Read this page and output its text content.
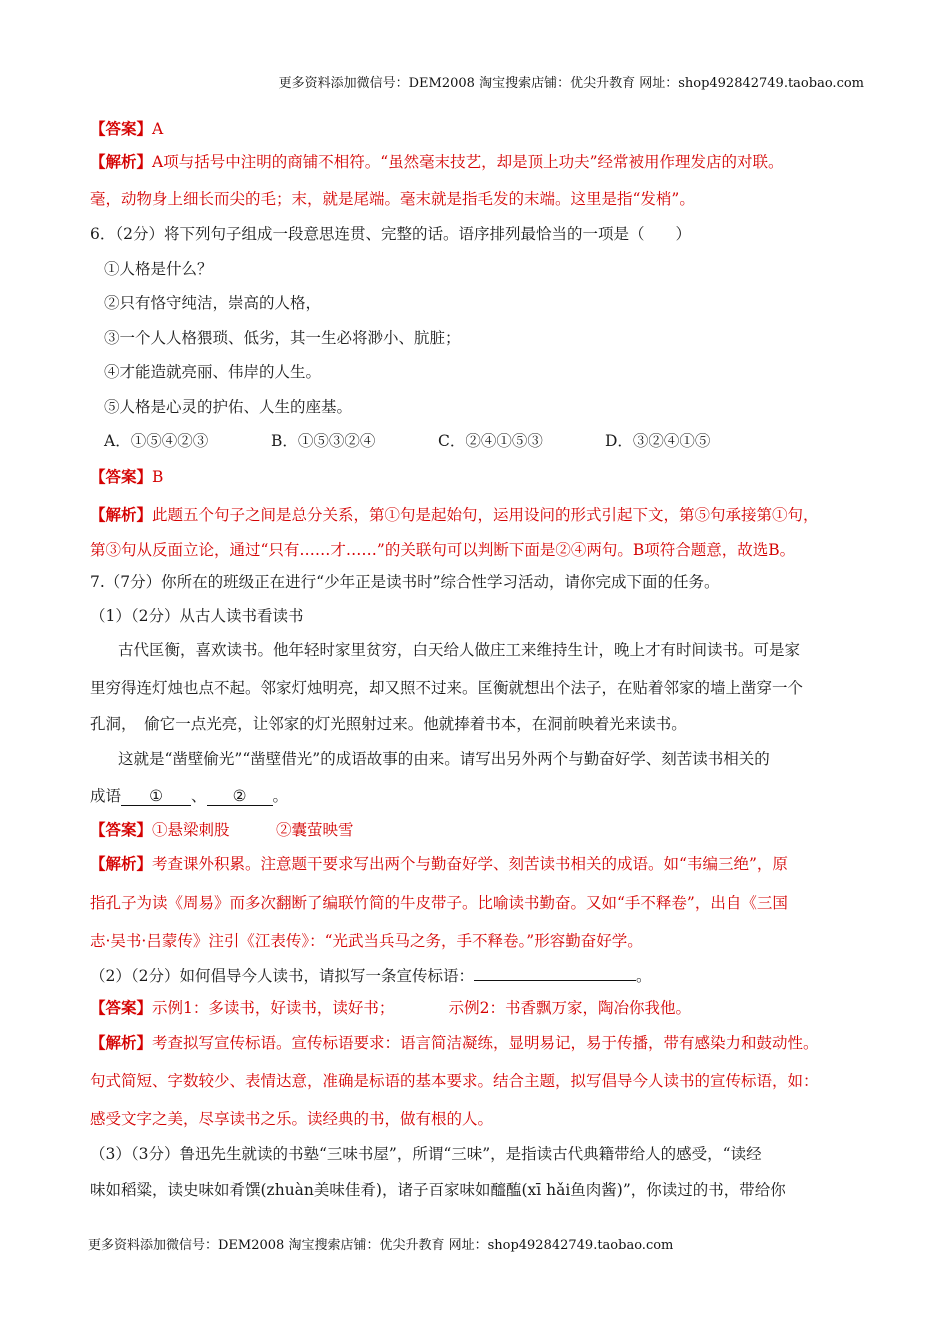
更多资料添加微信号：DEM2008 淘宝搜索店铺：优尖升教育 网址：shop492842749.taobao.com
【答案】A
【解析】A项与括号中注明的商铺不相符。“虽然毫末技艺，却是顶上功夫”经常被用作理发店的对联。
毫，动物身上细长而尖的毛；末，就是尾端。毫末就是指毛发的末端。这里是指“发梢”。
6．（2分）将下列句子组成一段意思连贯、完整的话。语序排列最恰当的一项是（　　）
①人格是什么？
②只有恪守纯洁，崇高的人格，
③一个人人格猥琐、低劣，其一生必将渺小、肮脏；
④才能造就亮丽、伟岸的人生。
⑤人格是心灵的护佑、人生的座基。
A．①⑤④②③	B．①⑤③②④	C．②④①⑤③	D．③②④①⑤
【答案】B
【解析】此题五个句子之间是总分关系，第①句是起始句，运用设问的形式引起下文，第⑤句承接第①句，
第③句从反面立论，通过“只有……才……”的关联句可以判断下面是②④两句。B项符合题意，故选B。
7.（7分）你所在的班级正在进行“少年正是读书时”综合性学习活动，请你完成下面的任务。
（1）（2分）从古人读书看读书
古代匡衡，喜欢读书。他年轻时家里贫穷，白天给人做庄工来维持生计，晚上才有时间读书。可是家
里穷得连灯烛也点不起。邻家灯烛明亮，却又照不过来。匡衡就想出个法子，在贴着邻家的墙上凿穿一个
孔洞，　偷它一点光亮，让邻家的灯光照射过来。他就捧着书本，在洞前映着光来读书。
这就是“凿壁偷光”“凿壁借光”的成语故事的由来。请写出另外两个与勤奋好学、刻苦读书相关的
成语 ① 、 ② 。
【答案】①悬梁刺股　　　②囊萤映雪
【解析】考查课外积累。注意题干要求写出两个与勤奋好学、刻苦读书相关的成语。如“韦编三绝”，原
指孔子为读《周易》而多次翻断了编联竹简的牛皮带子。比喻读书勤奋。又如“手不释卷”，出自《三国
志·吴书·吕蒙传》注引《江表传》：“光武当兵马之务，手不释卷。”形容勤奋好学。
（2）（2分）如何倡导今人读书，请拟写一条宣传标语：	。
【答案】示例1：多读书，好读书，读好书；　　　　示例2：书香飘万家，陶冶你我他。
【解析】考查拟写宣传标语。宣传标语要求：语言简洁凝练，显明易记，易于传播，带有感染力和鼓动性。
句式简短、字数较少、表情达意，准确是标语的基本要求。结合主题，拟写倡导今人读书的宣传标语，如：
感受文字之美，尽享读书之乐。读经典的书，做有根的人。
（3）（3分）鲁迅先生就读的书塾“三味书屋”，所谓“三味”，是指读古代典籍带给人的感受，“读经
味如稻粱，读史味如肴馔(zhuàn美味佳肴)，诸子百家味如醯醢(xī hǎi鱼肉酱)”，你读过的书，带给你
更多资料添加微信号：DEM2008 淘宝搜索店铺：优尖升教育 网址：shop492842749.taobao.com
